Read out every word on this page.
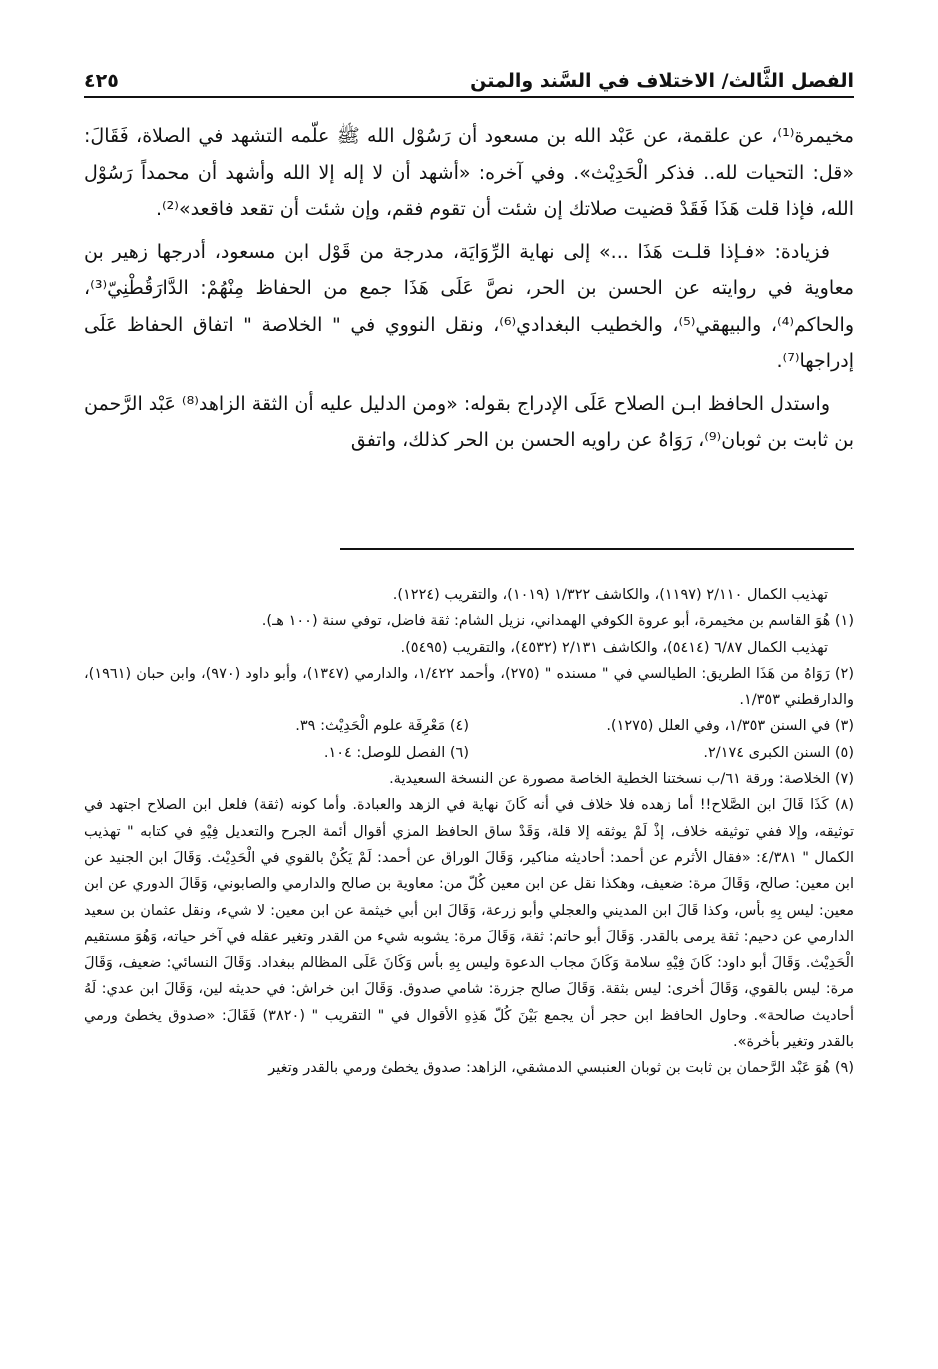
الفصل الثَّالث/ الاختلاف في السَّند والمتن
٤٢٥

مخيمرة⁽¹⁾، عن علقمة، عن عَبْد الله بن مسعود أن رَسُوْل الله ﷺ علّمه التشهد في الصلاة، فَقَالَ: «قل: التحيات لله.. فذكر الْحَدِيْث». وفي آخره: «أشهد أن لا إله إلا الله وأشهد أن محمداً رَسُوْل الله، فإذا قلت هَذَا فَقَدْ قضيت صلاتك إن شئت أن تقوم فقم، وإن شئت أن تقعد فاقعد»⁽²⁾.

فزيادة: «فـإذا قلـت هَذَا ...» إلى نهاية الرِّوَايَة، مدرجة من قَوْل ابن مسعود، أدرجها زهير بن معاوية في روايته عن الحسن بن الحر، نصَّ عَلَى هَذَا جمع من الحفاظ مِنْهُمْ: الدَّارَقُطْنِيّ⁽³⁾، والحاكم⁽⁴⁾، والبيهقي⁽⁵⁾، والخطيب البغدادي⁽⁶⁾، ونقل النووي في " الخلاصة " اتفاق الحفاظ عَلَى إدراجها⁽⁷⁾.

واستدل الحافظ ابـن الصلاح عَلَى الإدراج بقوله: «ومن الدليل عليه أن الثقة الزاهد⁽⁸⁾ عَبْد الرَّحمن بن ثابت بن ثوبان⁽⁹⁾، رَوَاهُ عن راويه الحسن بن الحر كذلك، واتفق

تهذيب الكمال ٢/١١٠ (١١٩٧)، والكاشف ١/٣٢٢ (١٠١٩)، والتقريب (١٢٢٤).

(١) هُوَ القاسم بن مخيمرة، أبو عروة الكوفي الهمداني، نزيل الشام: ثقة فاضل، توفي سنة (١٠٠ هـ).

تهذيب الكمال ٦/٨٧ (٥٤١٤)، والكاشف ٢/١٣١ (٤٥٣٢)، والتقريب (٥٤٩٥).

(٢) رَوَاهُ من هَذَا الطريق: الطيالسي في " مسنده " (٢٧٥)، وأحمد ١/٤٢٢، والدارمي (١٣٤٧)، وأبو داود (٩٧٠)، وابن حبان (١٩٦١)، والدارقطني ١/٣٥٣.

(٣) في السنن ١/٣٥٣، وفي العلل (١٢٧٥).
(٤) مَعْرِفَة علوم الْحَدِيْث: ٣٩.
(٥) السنن الكبرى ٢/١٧٤.
(٦) الفصل للوصل: ١٠٤.

(٧) الخلاصة: ورقة ٦١/ب نسختنا الخطية الخاصة مصورة عن النسخة السعيدية.

(٨) كَذَا قَالَ ابن الصَّلاح!! أما زهده فلا خلاف في أنه كَانَ نهاية في الزهد والعبادة. وأما كونه (ثقة) فلعل ابن الصلاح اجتهد في توثيقه، وإلا ففي توثيقه خلاف، إذْ لَمْ يوثقه إلا قلة، وَقَدْ ساق الحافظ المزي أقوال أئمة الجرح والتعديل فِيْهِ في كتابه " تهذيب الكمال " ٤/٣٨١: «فقال الأثرم عن أحمد: أحاديثه مناكير، وَقَالَ الوراق عن أحمد: لَمْ يَكُنْ بالقوي في الْحَدِيْث. وَقَالَ ابن الجنيد عن ابن معين: صالح، وَقَالَ مرة: ضعيف، وهكذا نقل عن ابن معين كُلّ من: معاوية بن صالح والدارمي والصابوني، وَقَالَ الدوري عن ابن معين: ليس بِهِ بأس، وكذا قَالَ ابن المديني والعجلي وأبو زرعة، وَقَالَ ابن أبي خيثمة عن ابن معين: لا شيء، ونقل عثمان بن سعيد الدارمي عن دحيم: ثقة يرمى بالقدر. وَقَالَ أبو حاتم: ثقة، وَقَالَ مرة: يشوبه شيء من القدر وتغير عقله في آخر حياته، وَهُوَ مستقيم الْحَدِيْث. وَقَالَ أبو داود: كَانَ فِيْهِ سلامة وَكَانَ مجاب الدعوة وليس بِهِ بأس وَكَانَ عَلَى المظالم ببغداد. وَقَالَ النسائي: ضعيف، وَقَالَ مرة: ليس بالقوي، وَقَالَ أخرى: ليس بثقة. وَقَالَ صالح جزرة: شامي صدوق. وَقَالَ ابن خراش: في حديثه لين، وَقَالَ ابن عدي: لَهُ أحاديث صالحة». وحاول الحافظ ابن حجر أن يجمع بَيْنَ كُلّ هَذِهِ الأقوال في " التقريب " (٣٨٢٠) فَقَالَ: «صدوق يخطئ ورمي بالقدر وتغير بأخرة».

(٩) هُوَ عَبْد الرَّحمان بن ثابت بن ثوبان العنبسي الدمشقي، الزاهد: صدوق يخطئ ورمي بالقدر وتغير
